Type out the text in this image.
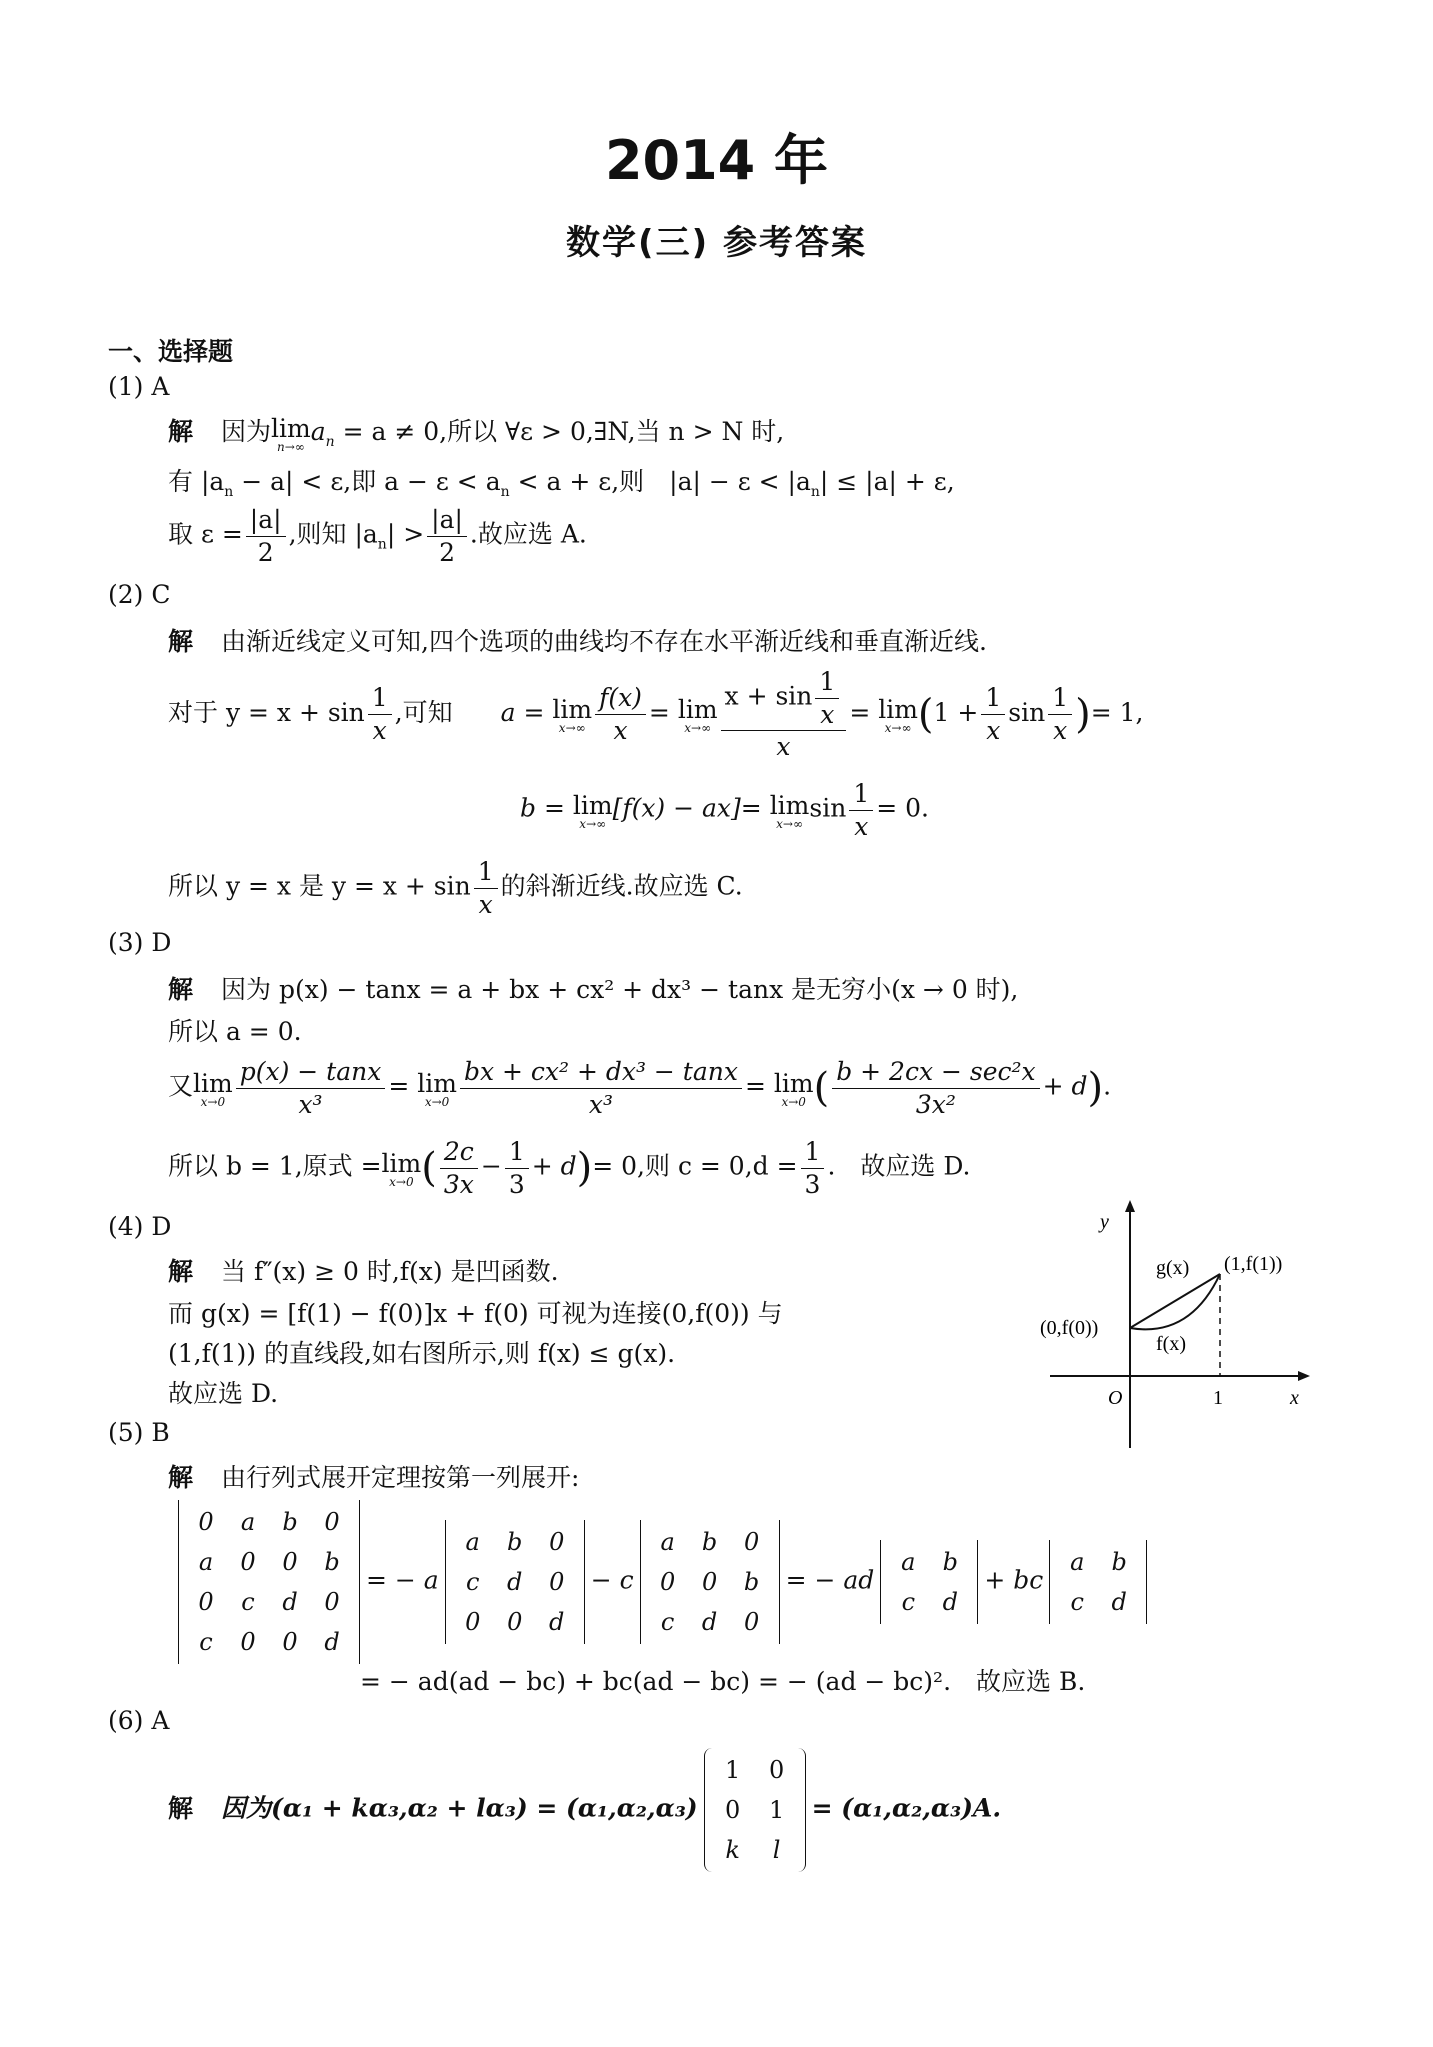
2014 年
数学(三) 参考答案
一、选择题
(1) A
解 因为 lim
n→∞
$a_n = a \ne 0$,所以 ∀ε > 0,∃N,当 n > N 时,
有 $|a_n - a| < \varepsilon$,即 $a - \varepsilon < a_n < a + \varepsilon$,则　$|a| - \varepsilon < |a_n| \le |a| + \varepsilon$,
取 $\varepsilon = \frac{|a|}{2}$ ,则知 $|a_n| > \frac{|a|}{2}$ .故应选 A.
(2) C
解 由渐近线定义可知,四个选项的曲线均不存在水平渐近线和垂直渐近线.
对于 $y = x + \sin \frac{1}{x}$ ,可知 a = lim
$x\to\infty \frac{f(x)}{x} = \lim$
$x\to\infty \frac{x + \sin \frac{1}{x}}{x} = \lim$
x→∞ ($1 + \frac{1}{x}$ $\sin \frac{1}{x}$ )= 1,
b = lim
x→∞
[f(x) − ax]= lim
x→∞
$\sin \frac{1}{x} = 0$.
所以 y = x 是 $y = x + \sin \frac{1}{x}$ 的斜渐近线.故应选 C.
(3) D
解 因为 p(x) − tanx = a + bx + cx² + dx³ − tanx 是无穷小(x → 0 时),
所以 a = 0.
又 lim
$x\to 0 \frac{p(x) - \tan x}{\text{x³}} = \lim$
$x\to 0 \frac{\text{bx + cx² + dx³ − tanx}}{\text{x³}} = \lim$
x→0 ( $\frac{\text{b + 2cx − sec²x}}{\text{3x²}} + d$).
所以 b = 1,原式 = lim
x→0 ( $\frac{2c}{3x} - \frac{1}{3} + d)= 0$,则 $c = 0,d = \frac{1}{3}$ .　故应选 D.
(4) D
解 当 f″(x) ≥ 0 时,f(x) 是凹函数.
而 g(x) = [f(1) − f(0)]x + f(0) 可视为连接(0,f(0)) 与
(1,f(1)) 的直线段,如右图所示,则 f(x) ≤ g(x).
故应选 D.
y
x
O	1
g(x)
f(x)
(0,f(0))
(1,f(1))
(5) B
解 由行列式展开定理按第一列展开:
0	a	b	0
a	0	0	b
0	c	d	0
c	0	0	d
= − a
a	b	0
c	d	0
0	0	d
− c
a	b	0
0	0	b
c	d	0
= − ad
a	b
c	d
+ bc
a	b
c	d
= − ad(ad − bc) + bc(ad − bc) = − (ad − bc)².　故应选 B.
(6) A
解 因为(α₁ + kα₃,α₂ + lα₃) = (α₁,α₂,α₃)
1	0
0	1
k	l
= (α₁,α₂,α₃)A.
